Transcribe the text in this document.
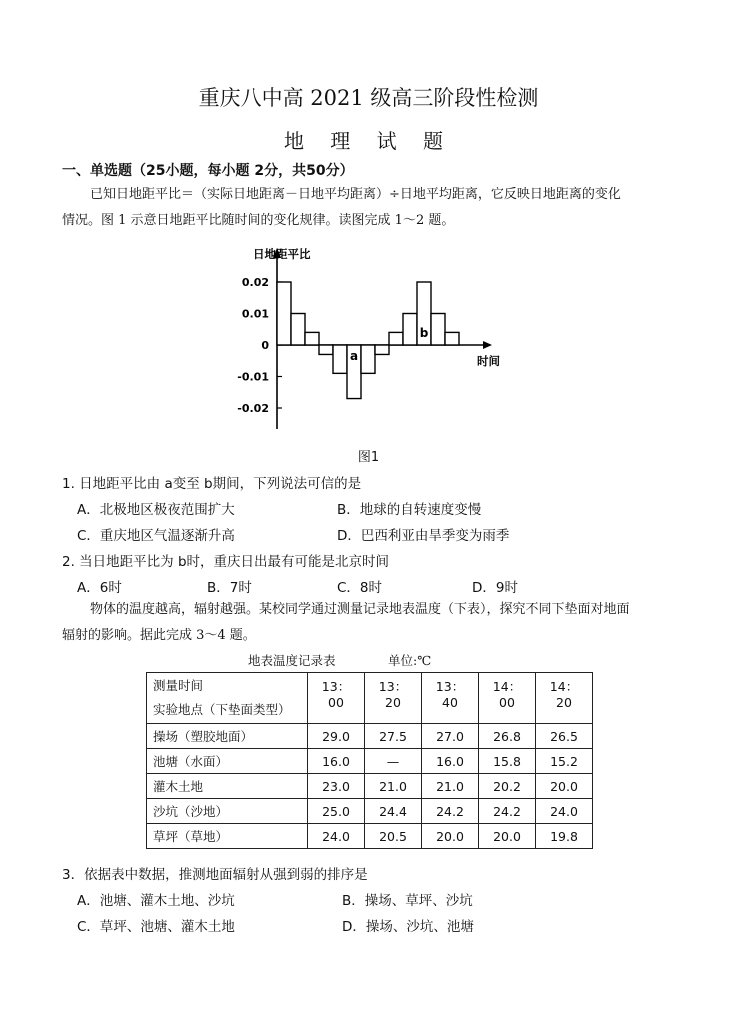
重庆八中高 2021 级高三阶段性检测
地 理 试 题
一、单选题（25小题，每小题 2分，共50分）
已知日地距平比＝（实际日地距离－日地平均距离）÷日地平均距离，它反映日地距离的变化
情况。图 1 示意日地距平比随时间的变化规律。读图完成 1～2 题。
0.02
0.01
0
-0.01
-0.02
日地距平比
时间
a
b
图1
1. 日地距平比由 a变至 b期间，下列说法可信的是
A．北极地区极夜范围扩大	B．地球的自转速度变慢
C．重庆地区气温逐渐升高	D．巴西利亚由旱季变为雨季
2. 当日地距平比为 b时，重庆日出最有可能是北京时间
A．6时	B．7时	C．8时	D．9时
物体的温度越高，辐射越强。某校同学通过测量记录地表温度（下表），探究不同下垫面对地面
辐射的影响。据此完成 3～4 题。
地表温度记录表	单位:℃
测量时间
实验地点（下垫面类型）	13：00	13：20	13：40	14：00	14：20
操场（塑胶地面）	29.0	27.5	27.0	26.8	26.5
池塘（水面）	16.0	—	16.0	15.8	15.2
灌木土地	23.0	21.0	21.0	20.2	20.0
沙坑（沙地）	25.0	24.4	24.2	24.2	24.0
草坪（草地）	24.0	20.5	20.0	20.0	19.8
3．依据表中数据，推测地面辐射从强到弱的排序是
A．池塘、灌木土地、沙坑	B．操场、草坪、沙坑
C．草坪、池塘、灌木土地	D．操场、沙坑、池塘
